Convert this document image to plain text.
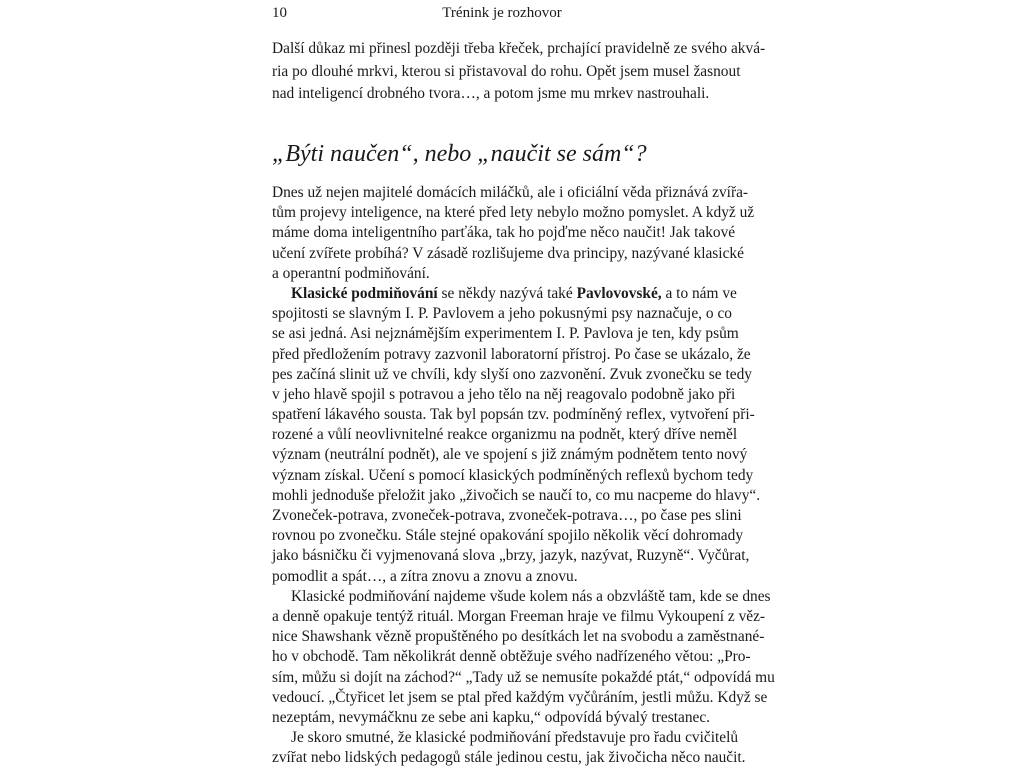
10	Trénink je rozhovor
Další důkaz mi přinesl později třeba křeček, prchající pravidelně ze svého akvá-
ria po dlouhé mrkvi, kterou si přistavoval do rohu. Opět jsem musel žasnout
nad inteligencí drobného tvora…, a potom jsme mu mrkev nastrouhali.
„Býti naučen“, nebo „naučit se sám“?
Dnes už nejen majitelé domácích miláčků, ale i oficiální věda přiznává zvířa-
tům projevy inteligence, na které před lety nebylo možno pomyslet. A když už
máme doma inteligentního parťáka, tak ho pojďme něco naučit! Jak takové
učení zvířete probíhá? V zásadě rozlišujeme dva principy, nazývané klasické
a operantní podmiňování.
Klasické podmiňování se někdy nazývá také Pavlovovské, a to nám ve
spojitosti se slavným I. P. Pavlovem a jeho pokusnými psy naznačuje, o co
se asi jedná. Asi nejznámějším experimentem I. P. Pavlova je ten, kdy psům
před předložením potravy zazvonil laboratorní přístroj. Po čase se ukázalo, že
pes začíná slinit už ve chvíli, kdy slyší ono zazvonění. Zvuk zvonečku se tedy
v jeho hlavě spojil s potravou a jeho tělo na něj reagovalo podobně jako při
spatření lákavého sousta. Tak byl popsán tzv. podmíněný reflex, vytvoření při-
rozené a vůlí neovlivnitelné reakce organizmu na podnět, který dříve neměl
význam (neutrální podnět), ale ve spojení s již známým podnětem tento nový
význam získal. Učení s pomocí klasických podmíněných reflexů bychom tedy
mohli jednoduše přeložit jako „živočich se naučí to, co mu nacpeme do hlavy“.
Zvoneček-potrava, zvoneček-potrava, zvoneček-potrava…, po čase pes slini
rovnou po zvonečku. Stále stejné opakování spojilo několik věcí dohromady
jako básničku či vyjmenovaná slova „brzy, jazyk, nazývat, Ruzyně“. Vyčůrat,
pomodlit a spát…, a zítra znovu a znovu a znovu.
Klasické podmiňování najdeme všude kolem nás a obzvláště tam, kde se dnes
a denně opakuje tentýž rituál. Morgan Freeman hraje ve filmu Vykoupení z věz-
nice Shawshank vězně propuštěného po desítkách let na svobodu a zaměstnané-
ho v obchodě. Tam několikrát denně obtěžuje svého nadřízeného větou: „Pro-
sím, můžu si dojít na záchod?“ „Tady už se nemusíte pokaždé ptát,“ odpovídá mu
vedoucí. „Čtyřicet let jsem se ptal před každým vyčůráním, jestli můžu. Když se
nezeptám, nevymáčknu ze sebe ani kapku,“ odpovídá bývalý trestanec.
Je skoro smutné, že klasické podmiňování představuje pro řadu cvičitelů
zvířat nebo lidských pedagogů stále jedinou cestu, jak živočicha něco naučit.
